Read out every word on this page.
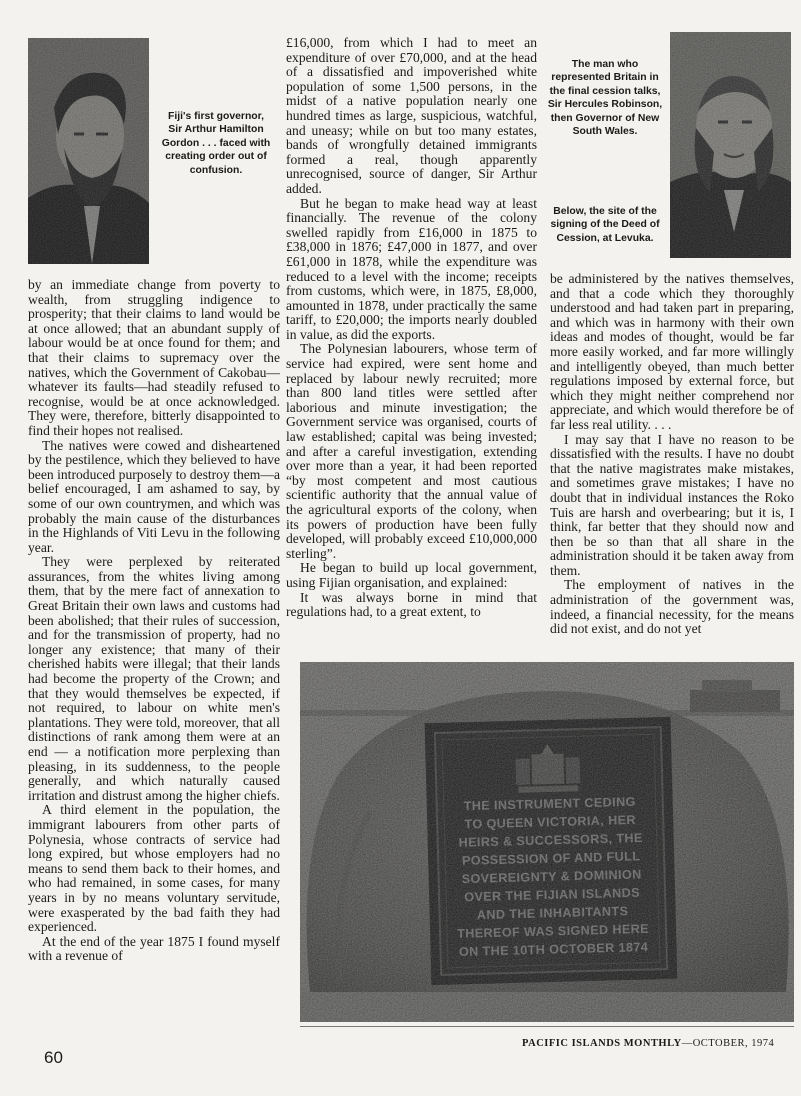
Fiji's first governor, Sir Arthur Hamilton Gordon . . . faced with creating order out of confusion.
The man who represented Britain in the final cession talks, Sir Hercules Robinson, then Governor of New South Wales.
Below, the site of the signing of the Deed of Cession, at Levuka.

by an immediate change from poverty to wealth, from struggling indigence to prosperity; that their claims to land would be at once allowed; that an abundant supply of labour would be at once found for them; and that their claims to supremacy over the natives, which the Government of Cakobau—whatever its faults—had steadily refused to recognise, would be at once acknowledged. They were, therefore, bitterly disappointed to find their hopes not realised.

The natives were cowed and disheartened by the pestilence, which they believed to have been introduced purposely to destroy them—a belief encouraged, I am ashamed to say, by some of our own countrymen, and which was probably the main cause of the disturbances in the Highlands of Viti Levu in the following year.

They were perplexed by reiterated assurances, from the whites living among them, that by the mere fact of annexation to Great Britain their own laws and customs had been abolished; that their rules of succession, and for the transmission of property, had no longer any existence; that many of their cherished habits were illegal; that their lands had become the property of the Crown; and that they would themselves be expected, if not required, to labour on white men's plantations. They were told, moreover, that all distinctions of rank among them were at an end — a notification more perplexing than pleasing, in its suddenness, to the people generally, and which naturally caused irritation and distrust among the higher chiefs.

A third element in the population, the immigrant labourers from other parts of Polynesia, whose contracts of service had long expired, but whose employers had no means to send them back to their homes, and who had remained, in some cases, for many years in by no means voluntary servitude, were exasperated by the bad faith they had experienced.

At the end of the year 1875 I found myself with a revenue of

£16,000, from which I had to meet an expenditure of over £70,000, and at the head of a dissatisfied and impoverished white population of some 1,500 persons, in the midst of a native population nearly one hundred times as large, suspicious, watchful, and uneasy; while on but too many estates, bands of wrongfully detained immigrants formed a real, though apparently unrecognised, source of danger, Sir Arthur added.

But he began to make head way at least financially. The revenue of the colony swelled rapidly from £16,000 in 1875 to £38,000 in 1876; £47,000 in 1877, and over £61,000 in 1878, while the expenditure was reduced to a level with the income; receipts from customs, which were, in 1875, £8,000, amounted in 1878, under practically the same tariff, to £20,000; the imports nearly doubled in value, as did the exports.

The Polynesian labourers, whose term of service had expired, were sent home and replaced by labour newly recruited; more than 800 land titles were settled after laborious and minute investigation; the Government service was organised, courts of law established; capital was being invested; and after a careful investigation, extending over more than a year, it had been reported “by most competent and most cautious scientific authority that the annual value of the agricultural exports of the colony, when its powers of production have been fully developed, will probably exceed £10,000,000 sterling”.

He began to build up local government, using Fijian organisation, and explained:

It was always borne in mind that regulations had, to a great extent, to

be administered by the natives themselves, and that a code which they thoroughly understood and had taken part in preparing, and which was in harmony with their own ideas and modes of thought, would be far more easily worked, and far more willingly and intelligently obeyed, than much better regulations imposed by external force, but which they might neither comprehend nor appreciate, and which would therefore be of far less real utility. . . .

I may say that I have no reason to be dissatisfied with the results. I have no doubt that the native magistrates make mistakes, and sometimes grave mistakes; I have no doubt that in individual instances the Roko Tuis are harsh and overbearing; but it is, I think, far better that they should now and then be so than that all share in the administration should it be taken away from them.

The employment of natives in the administration of the government was, indeed, a financial necessity, for the means did not exist, and do not yet

60
PACIFIC ISLANDS MONTHLY—OCTOBER, 1974
